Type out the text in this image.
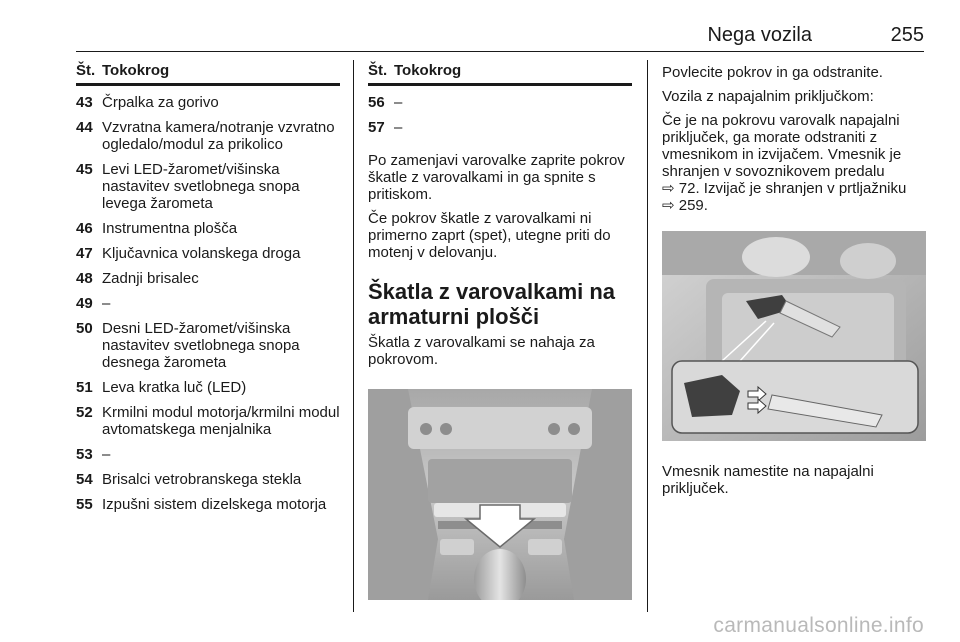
Nega vozila	255
Št. Tokokrog
43 Črpalka za gorivo
44 Vzvratna kamera/notranje vzvratno ogledalo/modul za prikolico
45 Levi LED-žaromet/višinska nastavitev svetlobnega snopa levega žarometa
46 Instrumentna plošča
47 Ključavnica volanskega droga
48 Zadnji brisalec
49 –
50 Desni LED-žaromet/višinska nastavitev svetlobnega snopa desnega žarometa
51 Leva kratka luč (LED)
52 Krmilni modul motorja/krmilni modul avtomatskega menjalnika
53 –
54 Brisalci vetrobranskega stekla
55 Izpušni sistem dizelskega motorja
Št. Tokokrog
56 –
57 –
Po zamenjavi varovalke zaprite pokrov škatle z varovalkami in ga spnite s pritiskom.
Če pokrov škatle z varovalkami ni primerno zaprt (spet), utegne priti do motenj v delovanju.
Škatla z varovalkami na armaturni plošči
Škatla z varovalkami se nahaja za pokrovom.
Povlecite pokrov in ga odstranite.
Vozila z napajalnim priključkom:
Če je na pokrovu varovalk napajalni priključek, ga morate odstraniti z vmesnikom in izvijačem. Vmesnik je shranjen v sovoznikovem predalu
⇨ 72. Izvijač je shranjen v prtljažniku
⇨ 259.
Vmesnik namestite na napajalni priključek.
carmanualsonline.info
